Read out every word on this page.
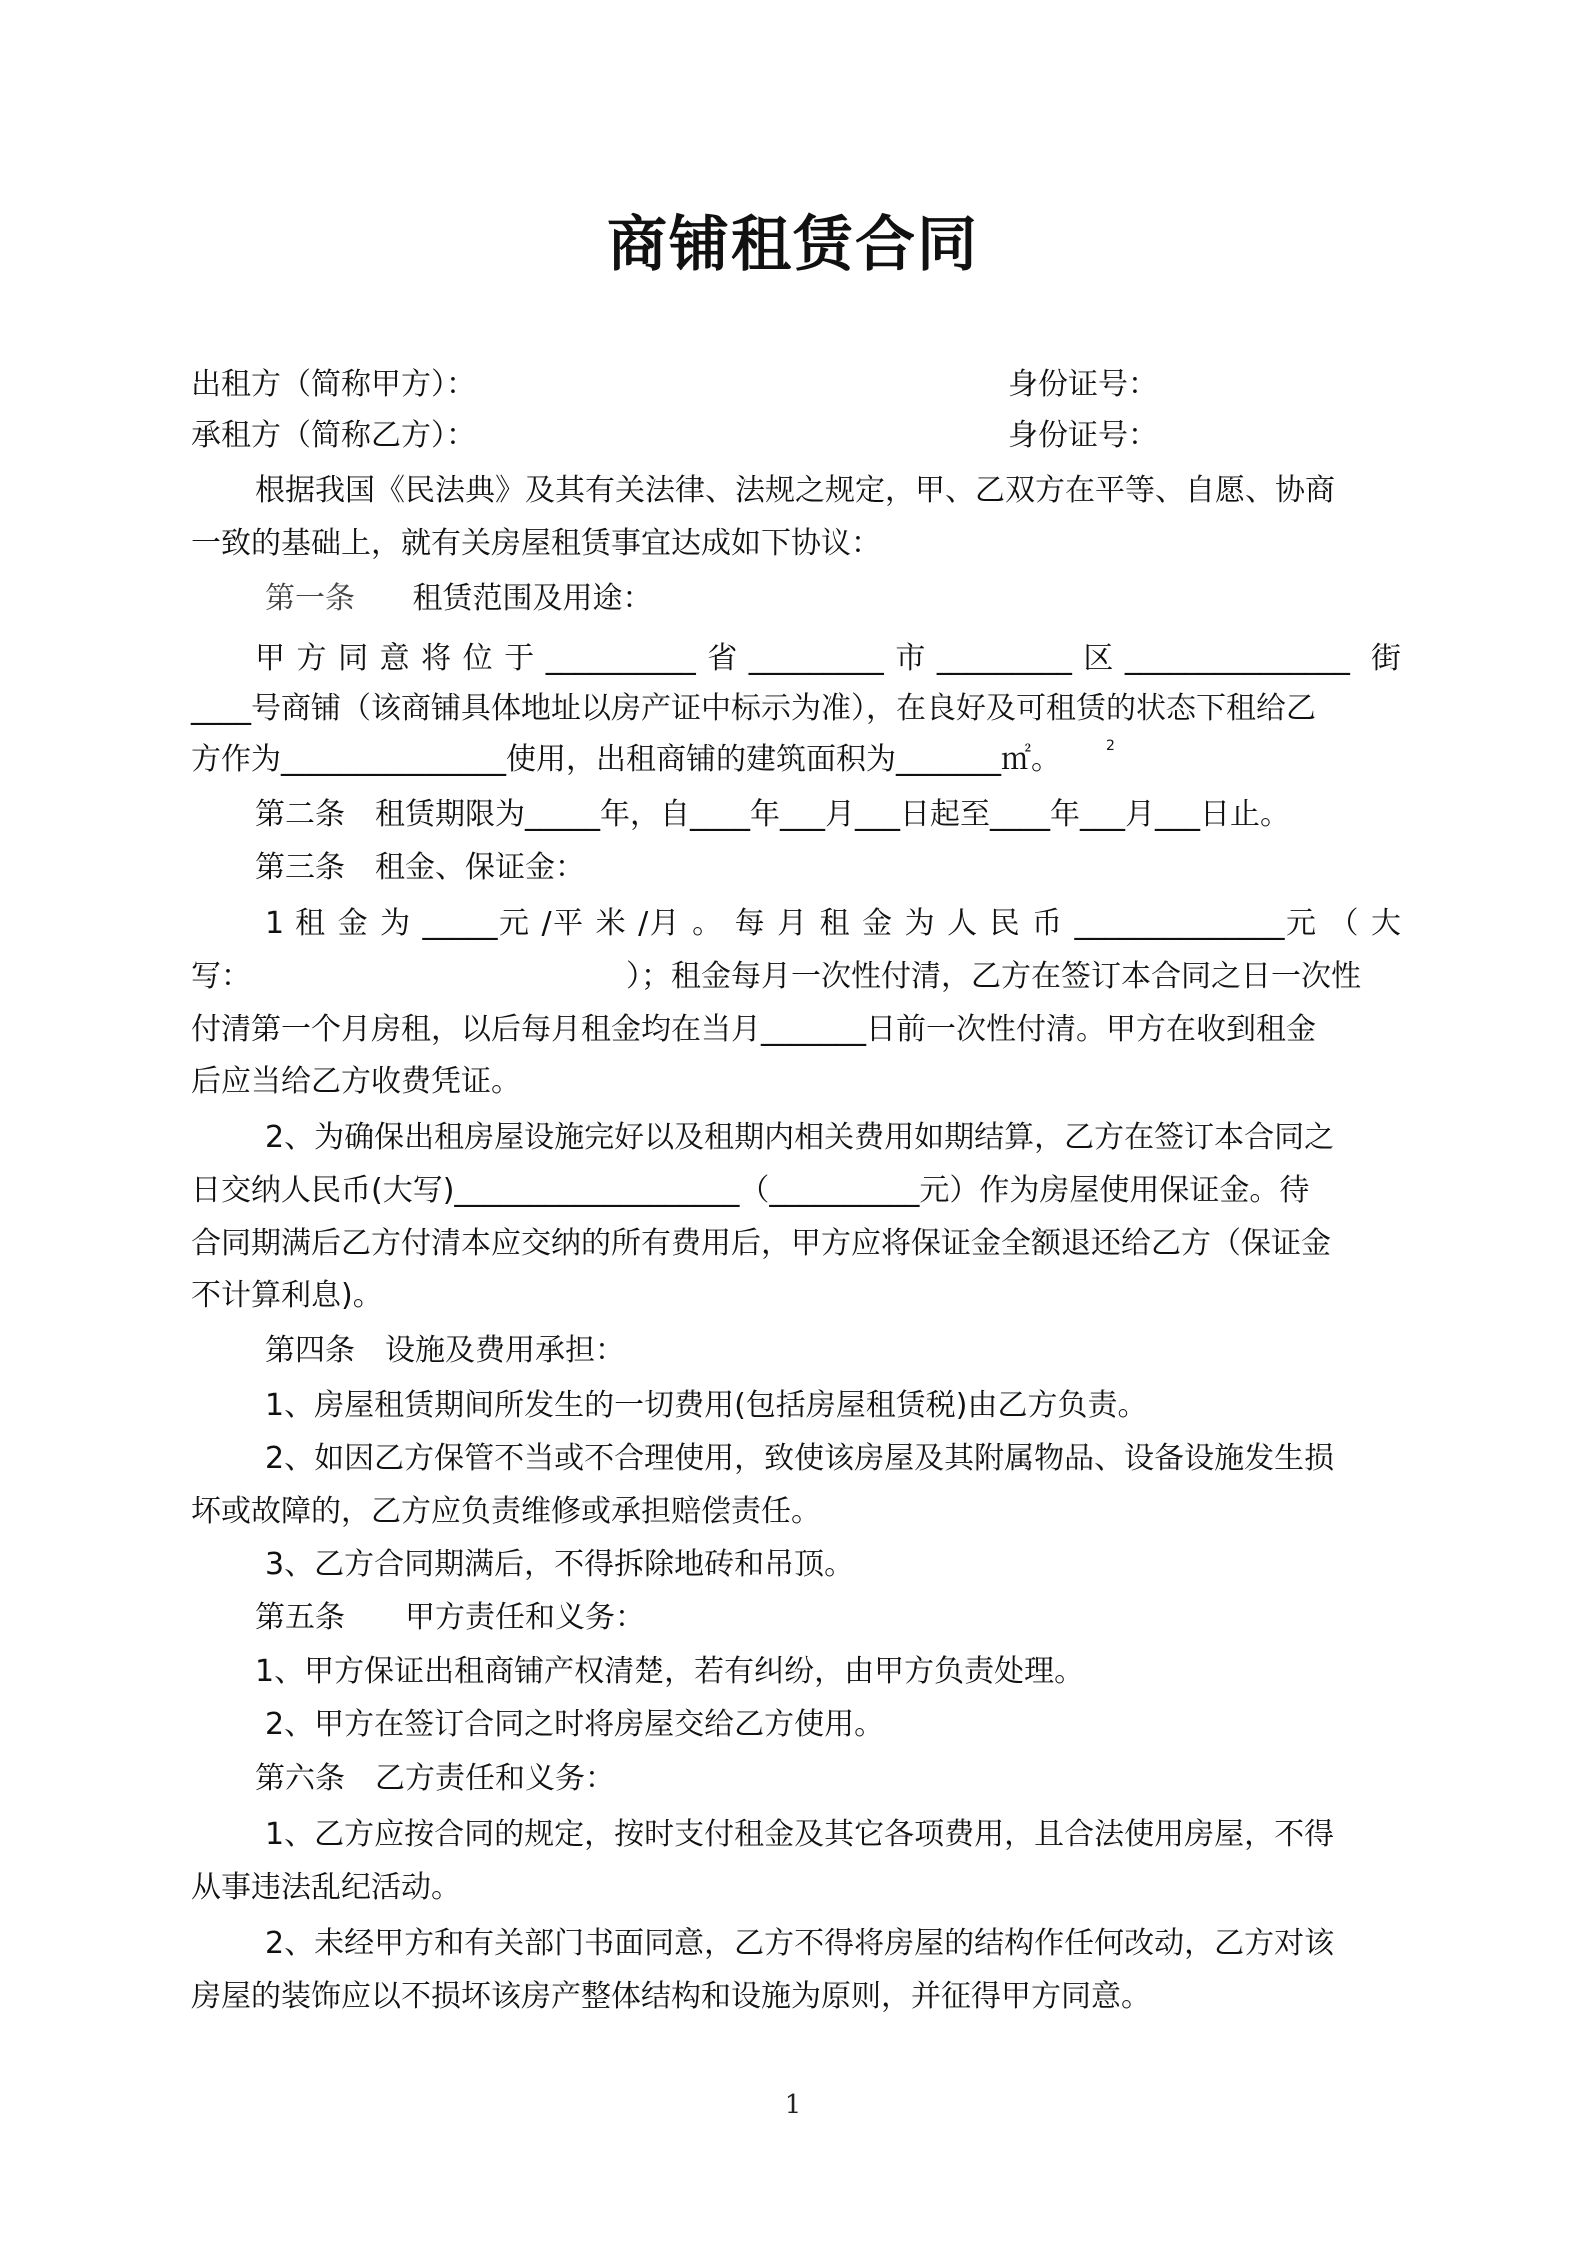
商铺租赁合同
出租方（简称甲方）：	身份证号：
承租方（简称乙方）：	身份证号：
根据我国《民法典》及其有关法律、法规之规定，甲、乙双方在平等、自愿、协商
一致的基础上，就有关房屋租赁事宜达成如下协议：
第一条 租赁范围及用途：
甲方同意将位于__________省_________市_________区_______________ 街
____号商铺（该商铺具体地址以房产证中标示为准），在良好及可租赁的状态下租给乙
方作为_______________使用，出租商铺的建筑面积为_______㎡。	2
第二条　租赁期限为_____年，自____年___月___日起至____年___月___日止。
第三条　租金、保证金：
1 租 金 为 _____元 /平 米 /月 。 每 月 租 金 为 人 民 币 ______________元 （ 大
写：　　　　　　　　　　　　　）；租金每月一次性付清，乙方在签订本合同之日一次性
付清第一个月房租，以后每月租金均在当月_______日前一次性付清。甲方在收到租金
后应当给乙方收费凭证。
2、为确保出租房屋设施完好以及租期内相关费用如期结算，乙方在签订本合同之
日交纳人民币(大写)___________________（__________元）作为房屋使用保证金。待
合同期满后乙方付清本应交纳的所有费用后，甲方应将保证金全额退还给乙方（保证金
不计算利息)。
第四条　设施及费用承担：
1、房屋租赁期间所发生的一切费用(包括房屋租赁税)由乙方负责。
2、如因乙方保管不当或不合理使用，致使该房屋及其附属物品、设备设施发生损
坏或故障的，乙方应负责维修或承担赔偿责任。
3、乙方合同期满后，不得拆除地砖和吊顶。
第五条　　甲方责任和义务：
1、甲方保证出租商铺产权清楚，若有纠纷，由甲方负责处理。
2、甲方在签订合同之时将房屋交给乙方使用。
第六条　乙方责任和义务：
1、乙方应按合同的规定，按时支付租金及其它各项费用，且合法使用房屋，不得
从事违法乱纪活动。
2、未经甲方和有关部门书面同意，乙方不得将房屋的结构作任何改动，乙方对该
房屋的装饰应以不损坏该房产整体结构和设施为原则，并征得甲方同意。
1
